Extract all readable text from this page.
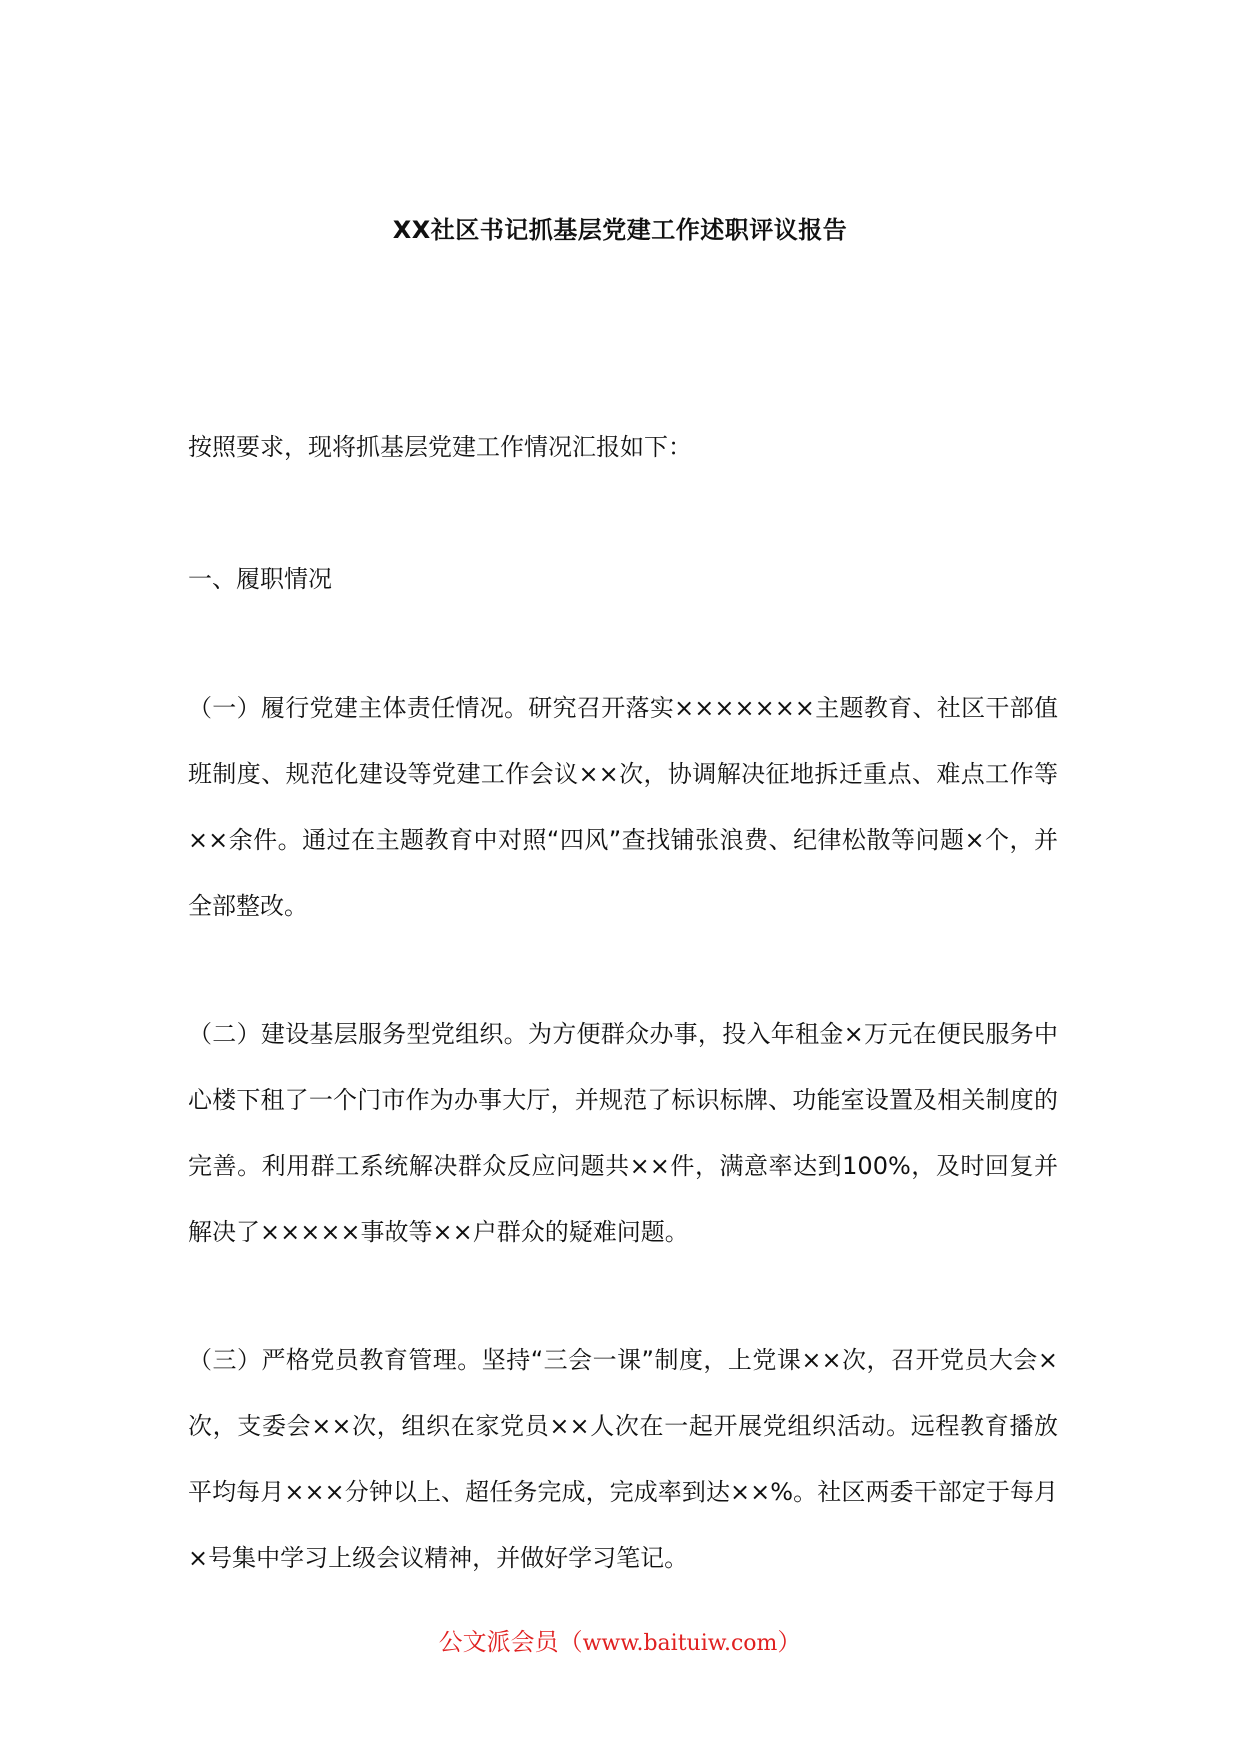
XX社区书记抓基层党建工作述职评议报告

按照要求，现将抓基层党建工作情况汇报如下：

一、履职情况

（一）履行党建主体责任情况。研究召开落实×××××××主题教育、社区干部值班制度、规范化建设等党建工作会议××次，协调解决征地拆迁重点、难点工作等××余件。通过在主题教育中对照“四风”查找铺张浪费、纪律松散等问题×个，并全部整改。

（二）建设基层服务型党组织。为方便群众办事，投入年租金×万元在便民服务中心楼下租了一个门市作为办事大厅，并规范了标识标牌、功能室设置及相关制度的完善。利用群工系统解决群众反应问题共××件，满意率达到100%，及时回复并解决了×××××事故等××户群众的疑难问题。

（三）严格党员教育管理。坚持“三会一课”制度，上党课××次，召开党员大会×次，支委会××次，组织在家党员××人次在一起开展党组织活动。远程教育播放平均每月×××分钟以上、超任务完成，完成率到达××%。社区两委干部定于每月×号集中学习上级会议精神，并做好学习笔记。

公文派会员（www.baituiw.com）
